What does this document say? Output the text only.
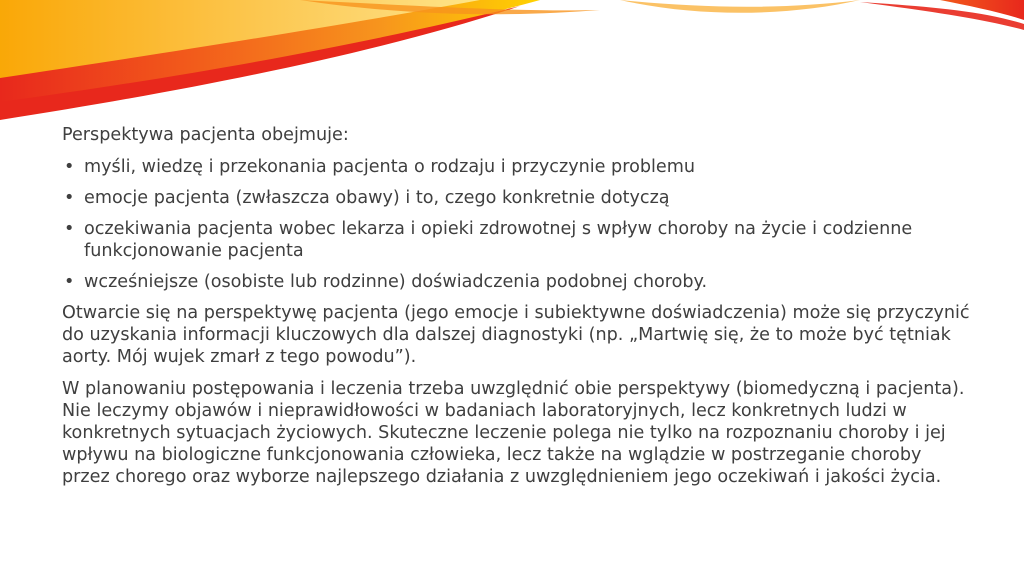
Perspektywa pacjenta obejmuje:
• myśli, wiedzę i przekonania pacjenta o rodzaju i przyczynie problemu
• emocje pacjenta (zwłaszcza obawy) i to, czego konkretnie dotyczą
• oczekiwania pacjenta wobec lekarza i opieki zdrowotnej s wpływ choroby na życie i codzienne funkcjonowanie pacjenta
• wcześniejsze (osobiste lub rodzinne) doświadczenia podobnej choroby.
Otwarcie się na perspektywę pacjenta (jego emocje i subiektywne doświadczenia) może się przyczynić do uzyskania informacji kluczowych dla dalszej diagnostyki (np. „Martwię się, że to może być tętniak aorty. Mój wujek zmarł z tego powodu”).
W planowaniu postępowania i leczenia trzeba uwzględnić obie perspektywy (biomedyczną i pacjenta). Nie leczymy objawów i nieprawidłowości w badaniach laboratoryjnych, lecz konkretnych ludzi w konkretnych sytuacjach życiowych. Skuteczne leczenie polega nie tylko na rozpoznaniu choroby i jej wpływu na biologiczne funkcjonowania człowieka, lecz także na wglądzie w postrzeganie choroby przez chorego oraz wyborze najlepszego działania z uwzględnieniem jego oczekiwań i jakości życia.
